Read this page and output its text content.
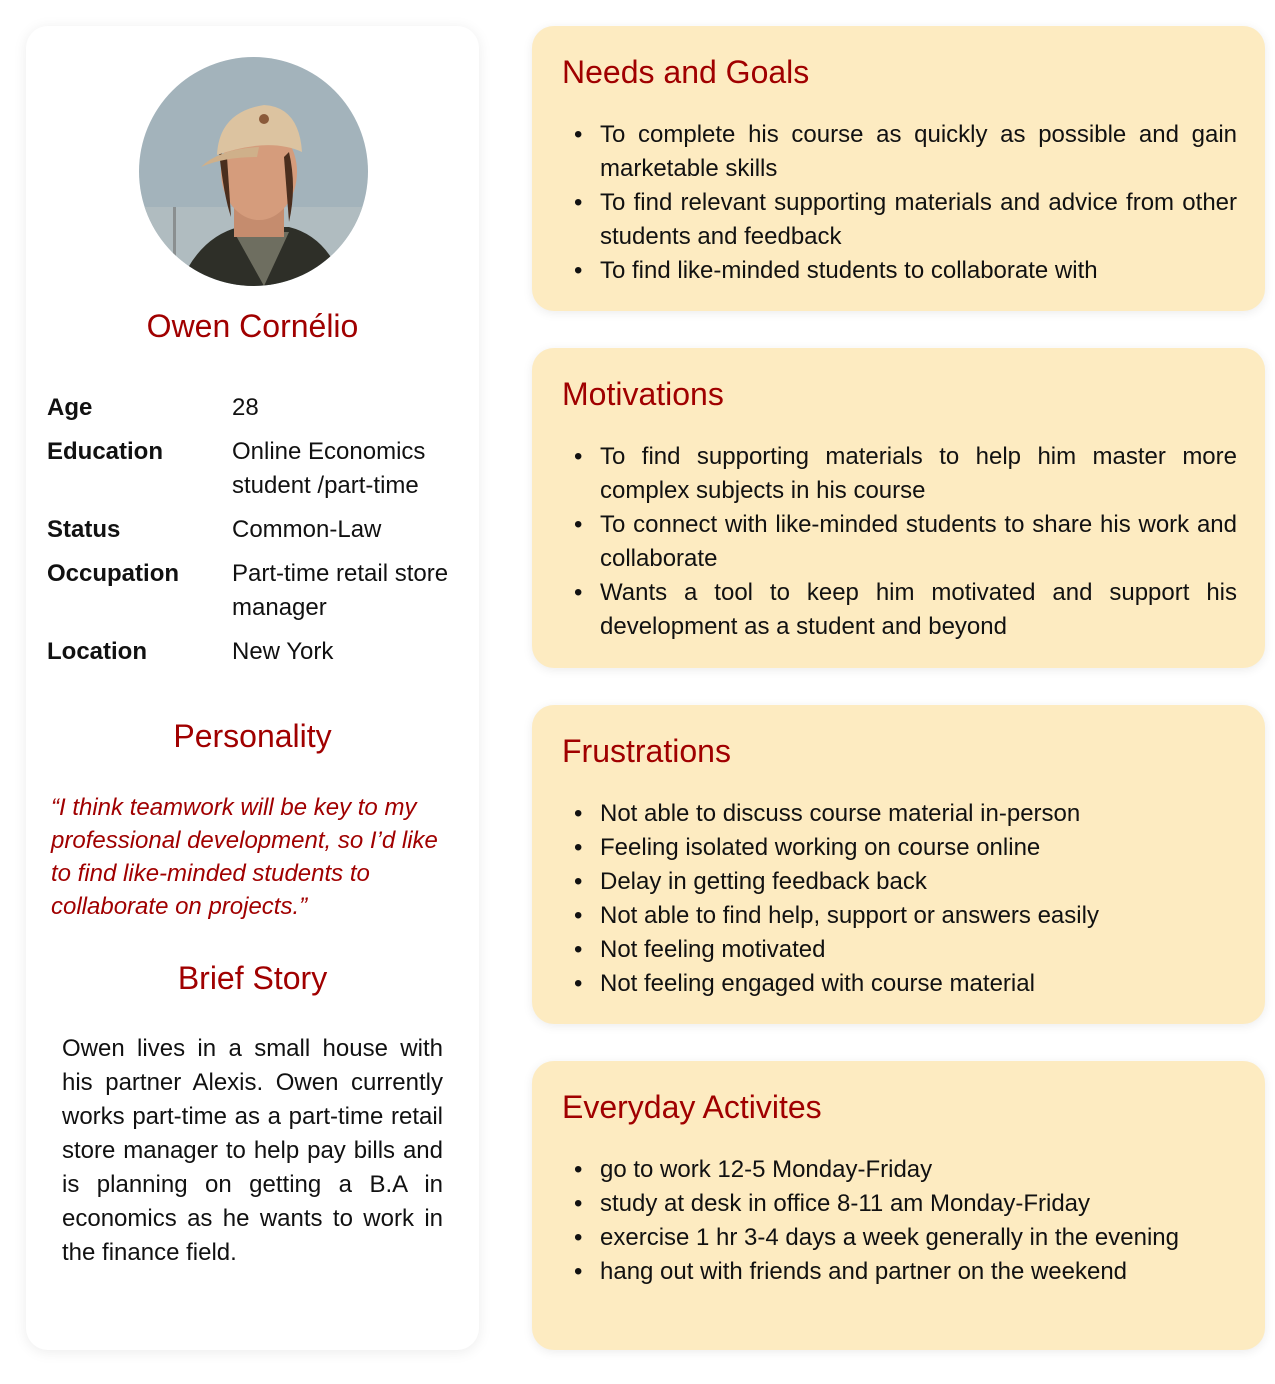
Owen Cornélio
Age	28
Education	Online Economics student /part-time
Status	Common-Law
Occupation	Part-time retail store manager
Location	New York
Personality
“I think teamwork will be key to my professional development, so I’d like to find like-minded students to collaborate on projects.”
Brief Story
Owen lives in a small house with his partner Alexis. Owen currently works part-time as a part-time retail store manager to help pay bills and is planning on getting a B.A in economics as he wants to work in the finance field.
Needs and Goals
• To complete his course as quickly as possible and gain marketable skills
• To find relevant supporting materials and advice from other students and feedback
• To find like-minded students to collaborate with
Motivations
• To find supporting materials to help him master more complex subjects in his course
• To connect with like-minded students to share his work and collaborate
• Wants a tool to keep him motivated and support his development as a student and beyond
Frustrations
• Not able to discuss course material in-person
• Feeling isolated working on course online
• Delay in getting feedback back
• Not able to find help, support or answers easily
• Not feeling motivated
• Not feeling engaged with course material
Everyday Activites
• go to work 12-5 Monday-Friday
• study at desk in office 8-11 am Monday-Friday
• exercise 1 hr 3-4 days a week generally in the evening
• hang out with friends and partner on the weekend
